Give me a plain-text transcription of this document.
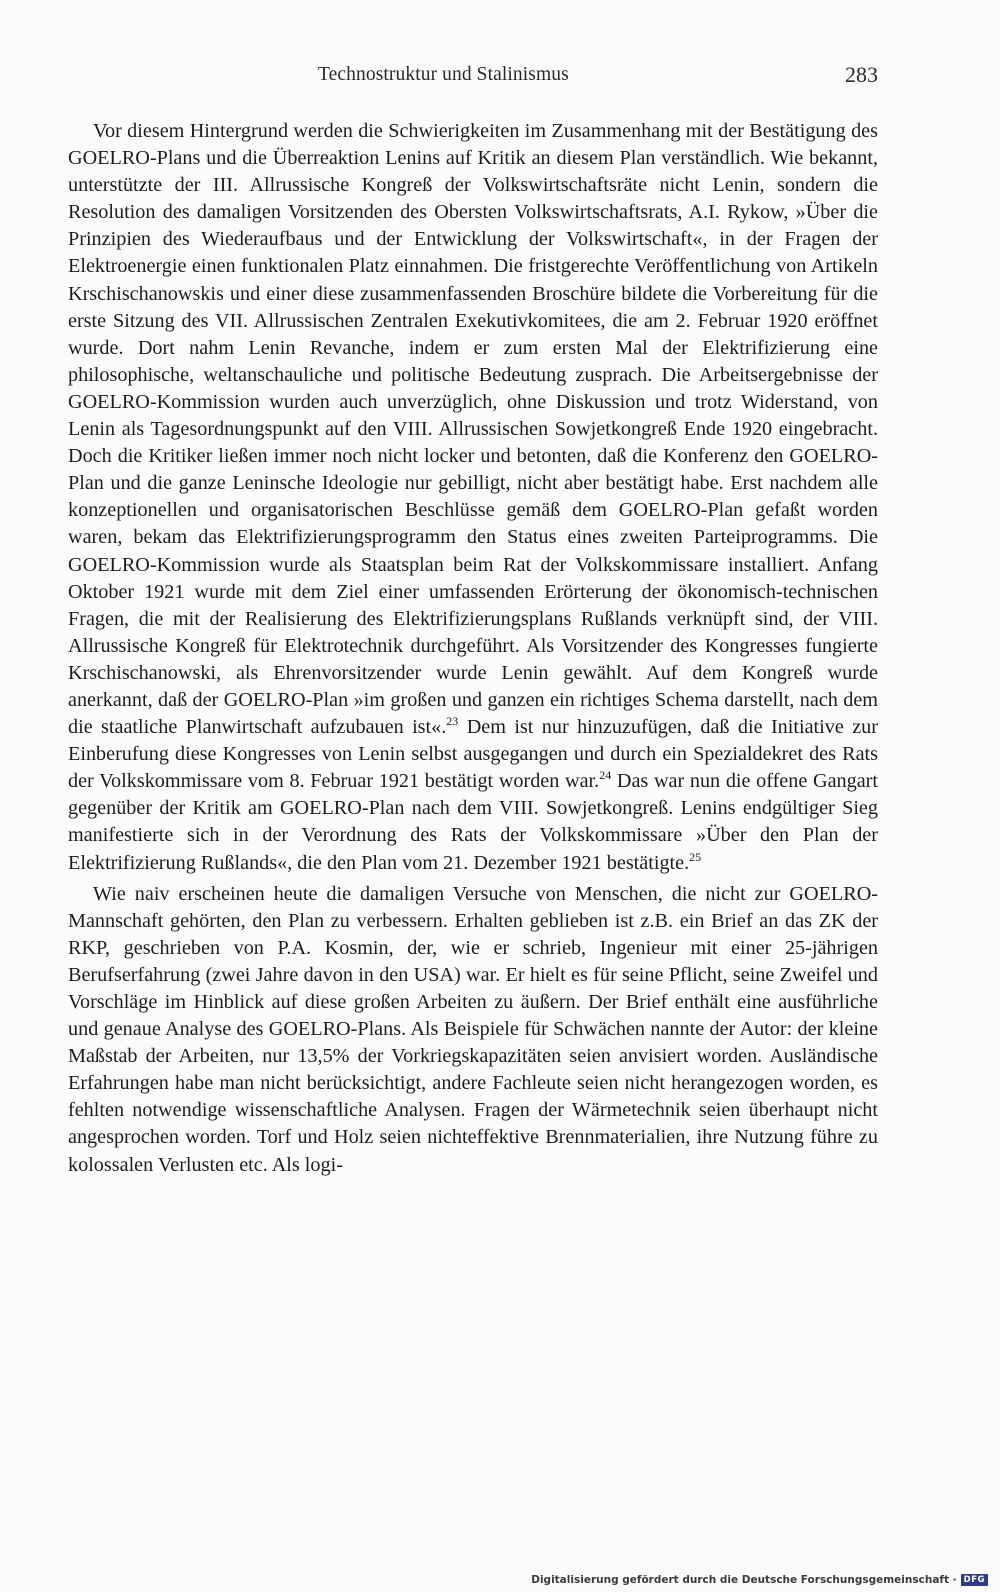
Technostruktur und Stalinismus	283

Vor diesem Hintergrund werden die Schwierigkeiten im Zusammenhang mit der Bestätigung des GOELRO-Plans und die Überreaktion Lenins auf Kritik an diesem Plan verständlich. Wie bekannt, unterstützte der III. Allrussische Kongreß der Volkswirtschaftsräte nicht Lenin, sondern die Resolution des damaligen Vorsitzenden des Obersten Volkswirtschaftsrats, A.I. Rykow, »Über die Prinzipien des Wiederaufbaus und der Entwicklung der Volkswirtschaft«, in der Fragen der Elektroenergie einen funktionalen Platz einnahmen. Die fristgerechte Veröffentlichung von Artikeln Krschischanowskis und einer diese zusammenfassenden Broschüre bildete die Vorbereitung für die erste Sitzung des VII. Allrussischen Zentralen Exekutivkomitees, die am 2. Februar 1920 eröffnet wurde. Dort nahm Lenin Revanche, indem er zum ersten Mal der Elektrifizierung eine philosophische, weltanschauliche und politische Bedeutung zusprach. Die Arbeitsergebnisse der GOELRO-Kommission wurden auch unverzüglich, ohne Diskussion und trotz Widerstand, von Lenin als Tagesordnungspunkt auf den VIII. Allrussischen Sowjetkongreß Ende 1920 eingebracht. Doch die Kritiker ließen immer noch nicht locker und betonten, daß die Konferenz den GOELRO-Plan und die ganze Leninsche Ideologie nur gebilligt, nicht aber bestätigt habe. Erst nachdem alle konzeptionellen und organisatorischen Beschlüsse gemäß dem GOELRO-Plan gefaßt worden waren, bekam das Elektrifizierungsprogramm den Status eines zweiten Parteiprogramms. Die GOELRO-Kommission wurde als Staatsplan beim Rat der Volkskommissare installiert. Anfang Oktober 1921 wurde mit dem Ziel einer umfassenden Erörterung der ökonomisch-technischen Fragen, die mit der Realisierung des Elektrifizierungsplans Rußlands verknüpft sind, der VIII. Allrussische Kongreß für Elektrotechnik durchgeführt. Als Vorsitzender des Kongresses fungierte Krschischanowski, als Ehrenvorsitzender wurde Lenin gewählt. Auf dem Kongreß wurde anerkannt, daß der GOELRO-Plan »im großen und ganzen ein richtiges Schema darstellt, nach dem die staatliche Planwirtschaft aufzubauen ist«.$^{23}$ Dem ist nur hinzuzufügen, daß die Initiative zur Einberufung diese Kongresses von Lenin selbst ausgegangen und durch ein Spezialdekret des Rats der Volkskommissare vom 8. Februar 1921 bestätigt worden war.$^{24}$ Das war nun die offene Gangart gegenüber der Kritik am GOELRO-Plan nach dem VIII. Sowjetkongreß. Lenins endgültiger Sieg manifestierte sich in der Verordnung des Rats der Volkskommissare »Über den Plan der Elektrifizierung Rußlands«, die den Plan vom 21. Dezember 1921 bestätigte.$^{25}$

Wie naiv erscheinen heute die damaligen Versuche von Menschen, die nicht zur GOELRO-Mannschaft gehörten, den Plan zu verbessern. Erhalten geblieben ist z.B. ein Brief an das ZK der RKP, geschrieben von P.A. Kosmin, der, wie er schrieb, Ingenieur mit einer 25-jährigen Berufserfahrung (zwei Jahre davon in den USA) war. Er hielt es für seine Pflicht, seine Zweifel und Vorschläge im Hinblick auf diese großen Arbeiten zu äußern. Der Brief enthält eine ausführliche und genaue Analyse des GOELRO-Plans. Als Beispiele für Schwächen nannte der Autor: der kleine Maßstab der Arbeiten, nur 13,5% der Vorkriegskapazitäten seien anvisiert worden. Ausländische Erfahrungen habe man nicht berücksichtigt, andere Fachleute seien nicht herangezogen worden, es fehlten notwendige wissenschaftliche Analysen. Fragen der Wärmetechnik seien überhaupt nicht angesprochen worden. Torf und Holz seien nichteffektive Brennmaterialien, ihre Nutzung führe zu kolossalen Verlusten etc. Als logi-

Digitalisierung gefördert durch die Deutsche Forschungsgemeinschaft · DFG
